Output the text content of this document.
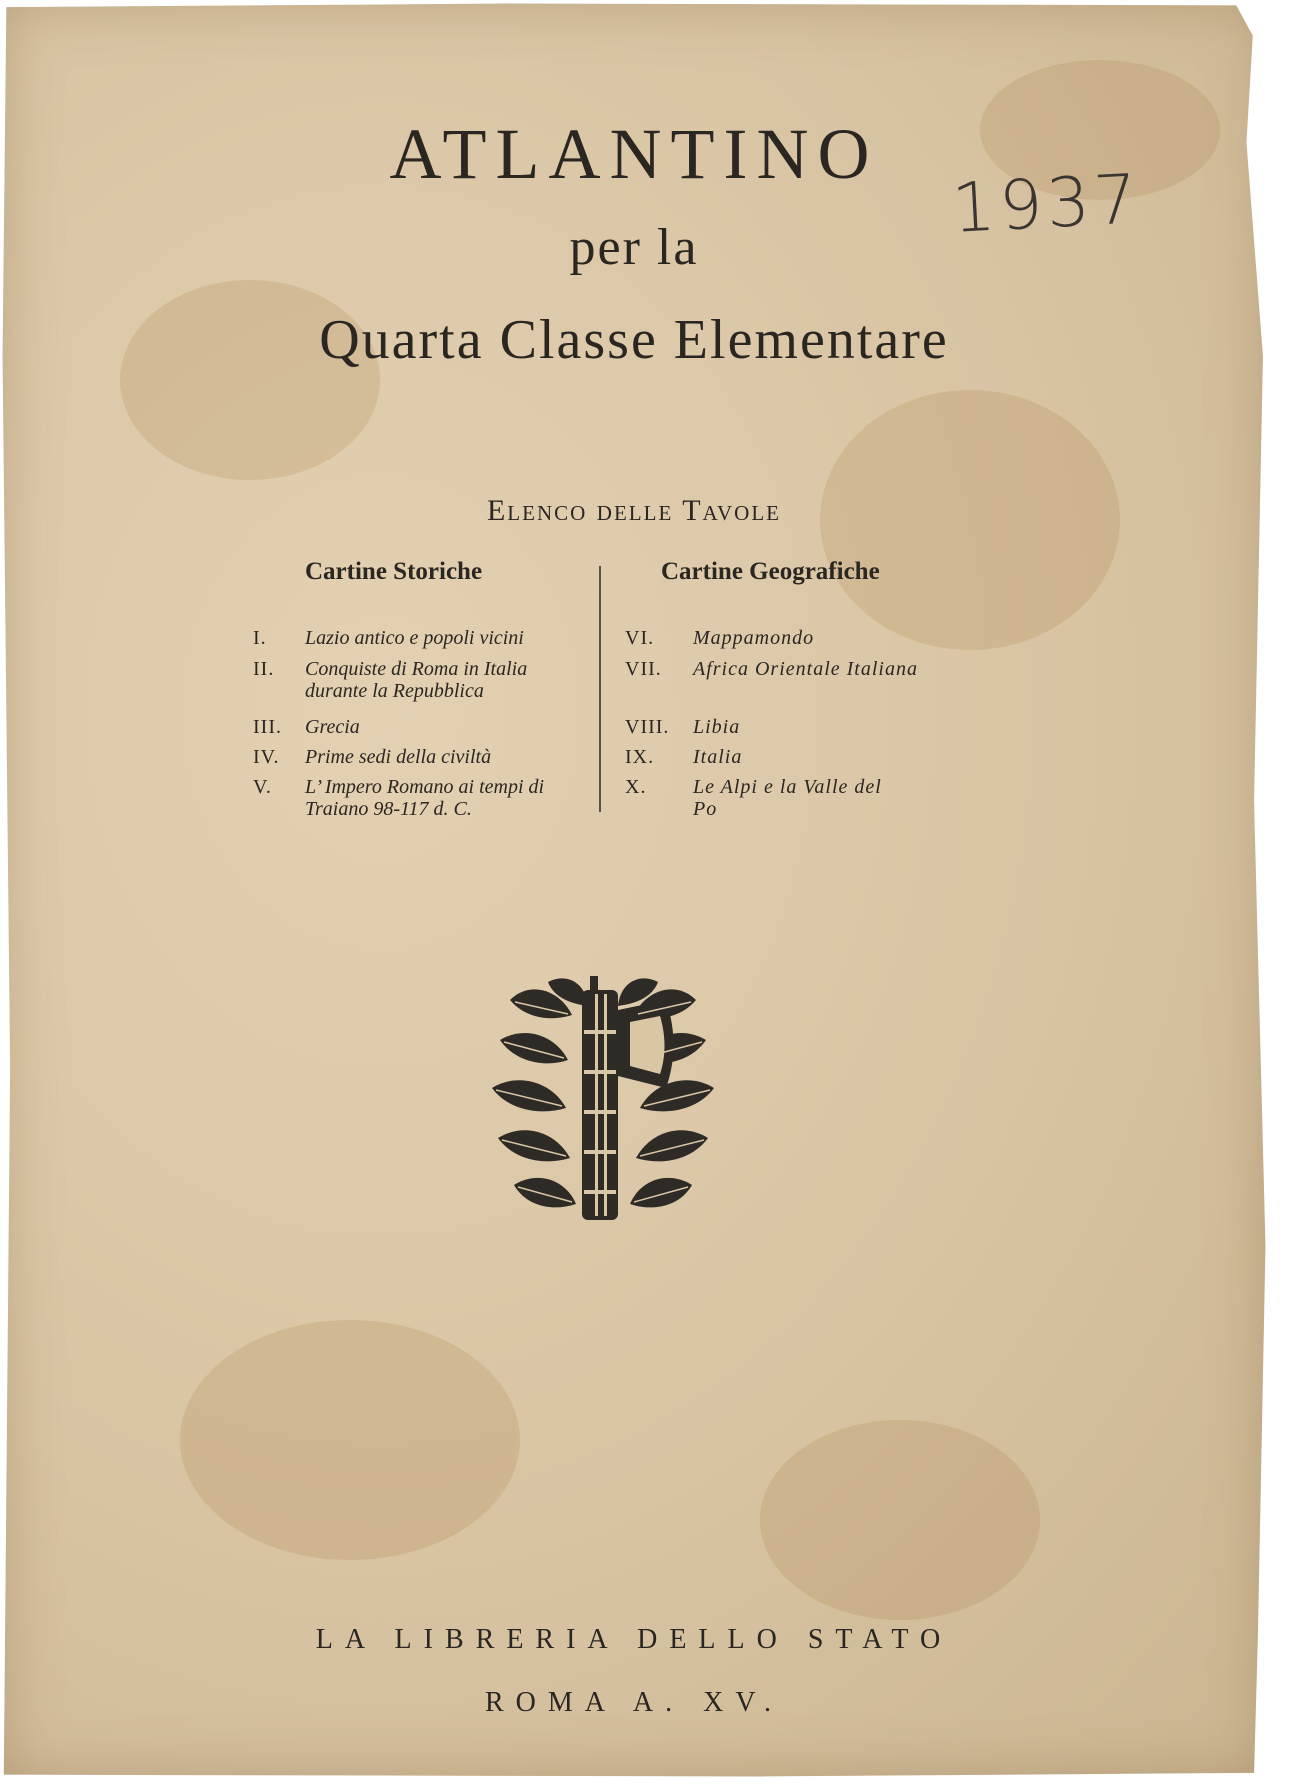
ATLANTINO
per la
Quarta Classe Elementare
1937
Elenco delle Tavole
Cartine Storiche	Cartine Geografiche
I. Lazio antico e popoli vicini
II. Conquiste di Roma in Italia durante la Repubblica
III. Grecia
IV. Prime sedi della civiltà
V. L’ Impero Romano ai tempi di Traiano 98-117 d. C.
VI. Mappamondo
VII. Africa Orientale Italiana
VIII. Libia
IX. Italia
X. Le Alpi e la Valle del Po
LA LIBRERIA DELLO STATO
ROMA A. XV.
